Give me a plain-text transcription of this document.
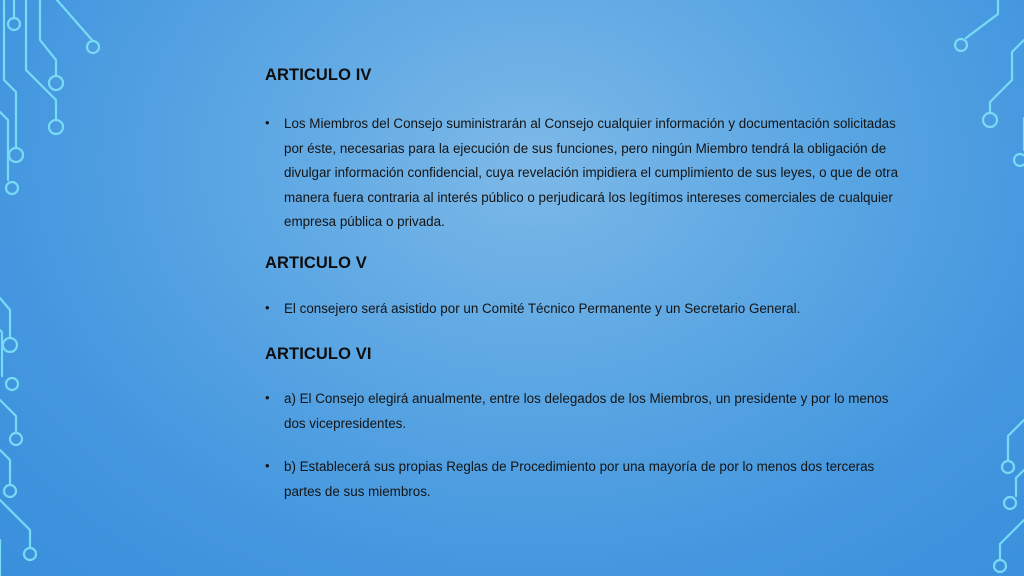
ARTICULO IV
• Los Miembros del Consejo suministrarán al Consejo cualquier información y documentación solicitadas por éste, necesarias para la ejecución de sus funciones, pero ningún Miembro tendrá la obligación de divulgar información confidencial, cuya revelación impidiera el cumplimiento de sus leyes, o que de otra manera fuera contraria al interés público o perjudicará los legítimos intereses comerciales de cualquier empresa pública o privada.
ARTICULO V
• El consejero será asistido por un Comité Técnico Permanente y un Secretario General.
ARTICULO VI
• a) El Consejo elegirá anualmente, entre los delegados de los Miembros, un presidente y por lo menos dos vicepresidentes.
• b) Establecerá sus propias Reglas de Procedimiento por una mayoría de por lo menos dos terceras partes de sus miembros.
